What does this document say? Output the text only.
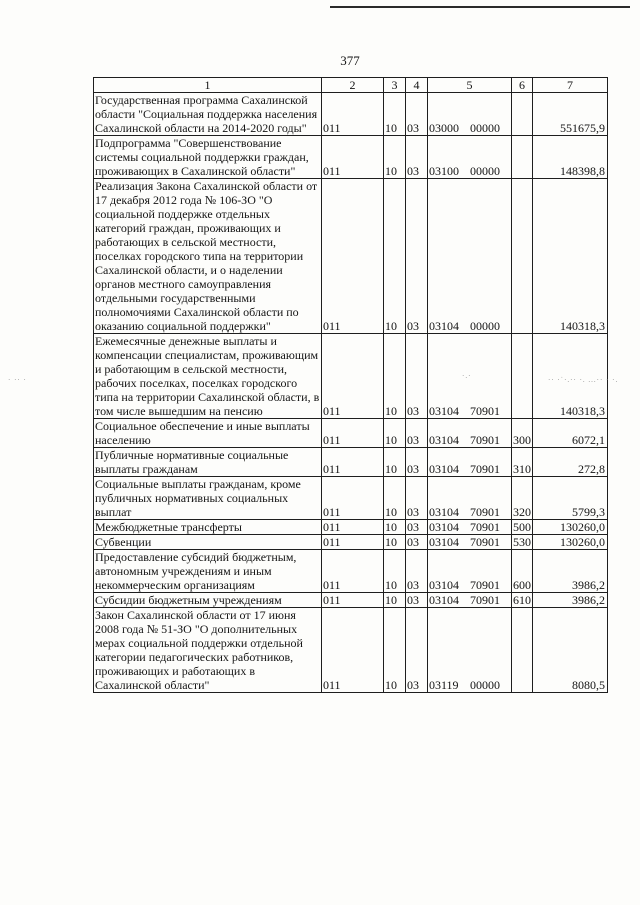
377
1	2	3	4	5	6	7
Государственная программа Сахалинской области "Социальная поддержка населения Сахалинской области на 2014-2020 годы"	011	10	03	03000 00000		551675,9
Подпрограмма "Совершенствование системы социальной поддержки граждан, проживающих в Сахалинской области"	011	10	03	03100 00000		148398,8
Реализация Закона Сахалинской области от 17 декабря 2012 года № 106-ЗО "О социальной поддержке отдельных категорий граждан, проживающих и работающих в сельской местности, поселках городского типа на территории Сахалинской области, и о наделении органов местного самоуправления отдельными государственными полномочиями Сахалинской области по оказанию социальной поддержки"	011	10	03	03104 00000		140318,3
Ежемесячные денежные выплаты и компенсации специалистам, проживающим и работающим в сельской местности, рабочих поселках, поселках городского типа на территории Сахалинской области, в том числе вышедшим на пенсию	011	10	03	03104 70901		140318,3
Социальное обеспечение и иные выплаты населению	011	10	03	03104 70901	300	6072,1
Публичные нормативные социальные выплаты гражданам	011	10	03	03104 70901	310	272,8
Социальные выплаты гражданам, кроме публичных нормативных социальных выплат	011	10	03	03104 70901	320	5799,3
Межбюджетные трансферты	011	10	03	03104 70901	500	130260,0
Субвенции	011	10	03	03104 70901	530	130260,0
Предоставление субсидий бюджетным, автономным учреждениям и иным некоммерческим организациям	011	10	03	03104 70901	600	3986,2
Субсидии бюджетным учреждениям	011	10	03	03104 70901	610	3986,2
Закон Сахалинской области от 17 июня 2008 года № 51-ЗО "О дополнительных мерах социальной поддержки отдельной категории педагогических работников, проживающих и работающих в Сахалинской области"	011	10	03	03119 00000		8080,5
· ·· ·	·· ·ˈ·.·· ·. ...·· · ·.
·.·
